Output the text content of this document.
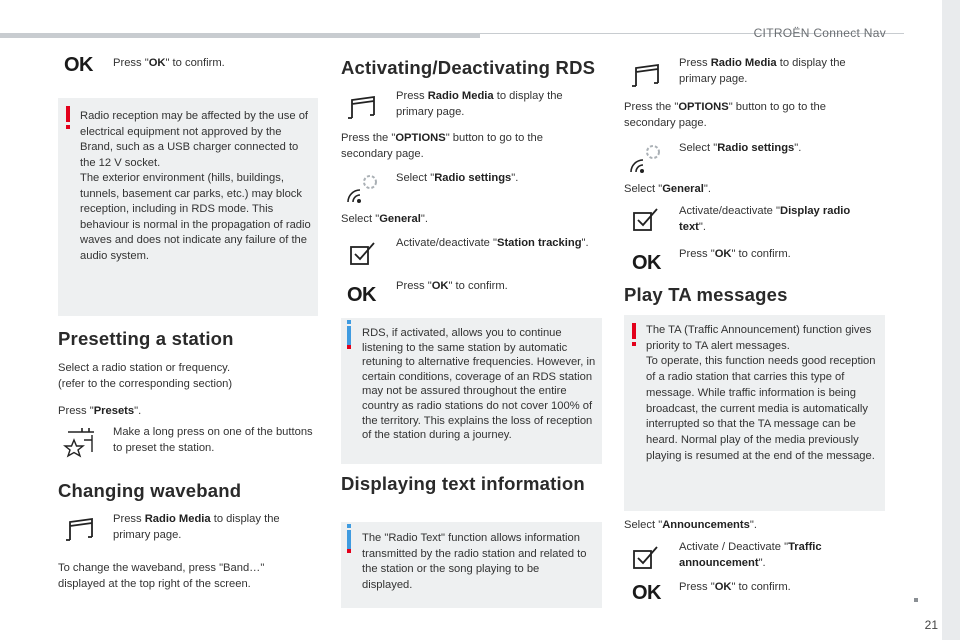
CITROËN Connect Nav
21
OK Press "OK" to confirm.
Radio reception may be affected by the use of electrical equipment not approved by the Brand, such as a USB charger connected to the 12 V socket.
The exterior environment (hills, buildings, tunnels, basement car parks, etc.) may block reception, including in RDS mode. This behaviour is normal in the propagation of radio waves and does not indicate any failure of the audio system.
Presetting a station
Select a radio station or frequency.
(refer to the corresponding section)
Press "Presets".
Make a long press on one of the buttons to preset the station.
Changing waveband
Press Radio Media to display the primary page.
To change the waveband, press "Band…" displayed at the top right of the screen.
Activating/Deactivating RDS
Press Radio Media to display the primary page.
Press the "OPTIONS" button to go to the secondary page.
Select "Radio settings".
Select "General".
Activate/deactivate "Station tracking".
OK Press "OK" to confirm.
RDS, if activated, allows you to continue listening to the same station by automatic retuning to alternative frequencies. However, in certain conditions, coverage of an RDS station may not be assured throughout the entire country as radio stations do not cover 100% of the territory. This explains the loss of reception of the station during a journey.
Displaying text information
The "Radio Text" function allows information transmitted by the radio station and related to the station or the song playing to be displayed.
Press Radio Media to display the primary page.
Press the "OPTIONS" button to go to the secondary page.
Select "Radio settings".
Select "General".
Activate/deactivate "Display radio text".
OK Press "OK" to confirm.
Play TA messages
The TA (Traffic Announcement) function gives priority to TA alert messages.
To operate, this function needs good reception of a radio station that carries this type of message. While traffic information is being broadcast, the current media is automatically interrupted so that the TA message can be heard. Normal play of the media previously playing is resumed at the end of the message.
Select "Announcements".
Activate / Deactivate "Traffic announcement".
OK Press "OK" to confirm.
